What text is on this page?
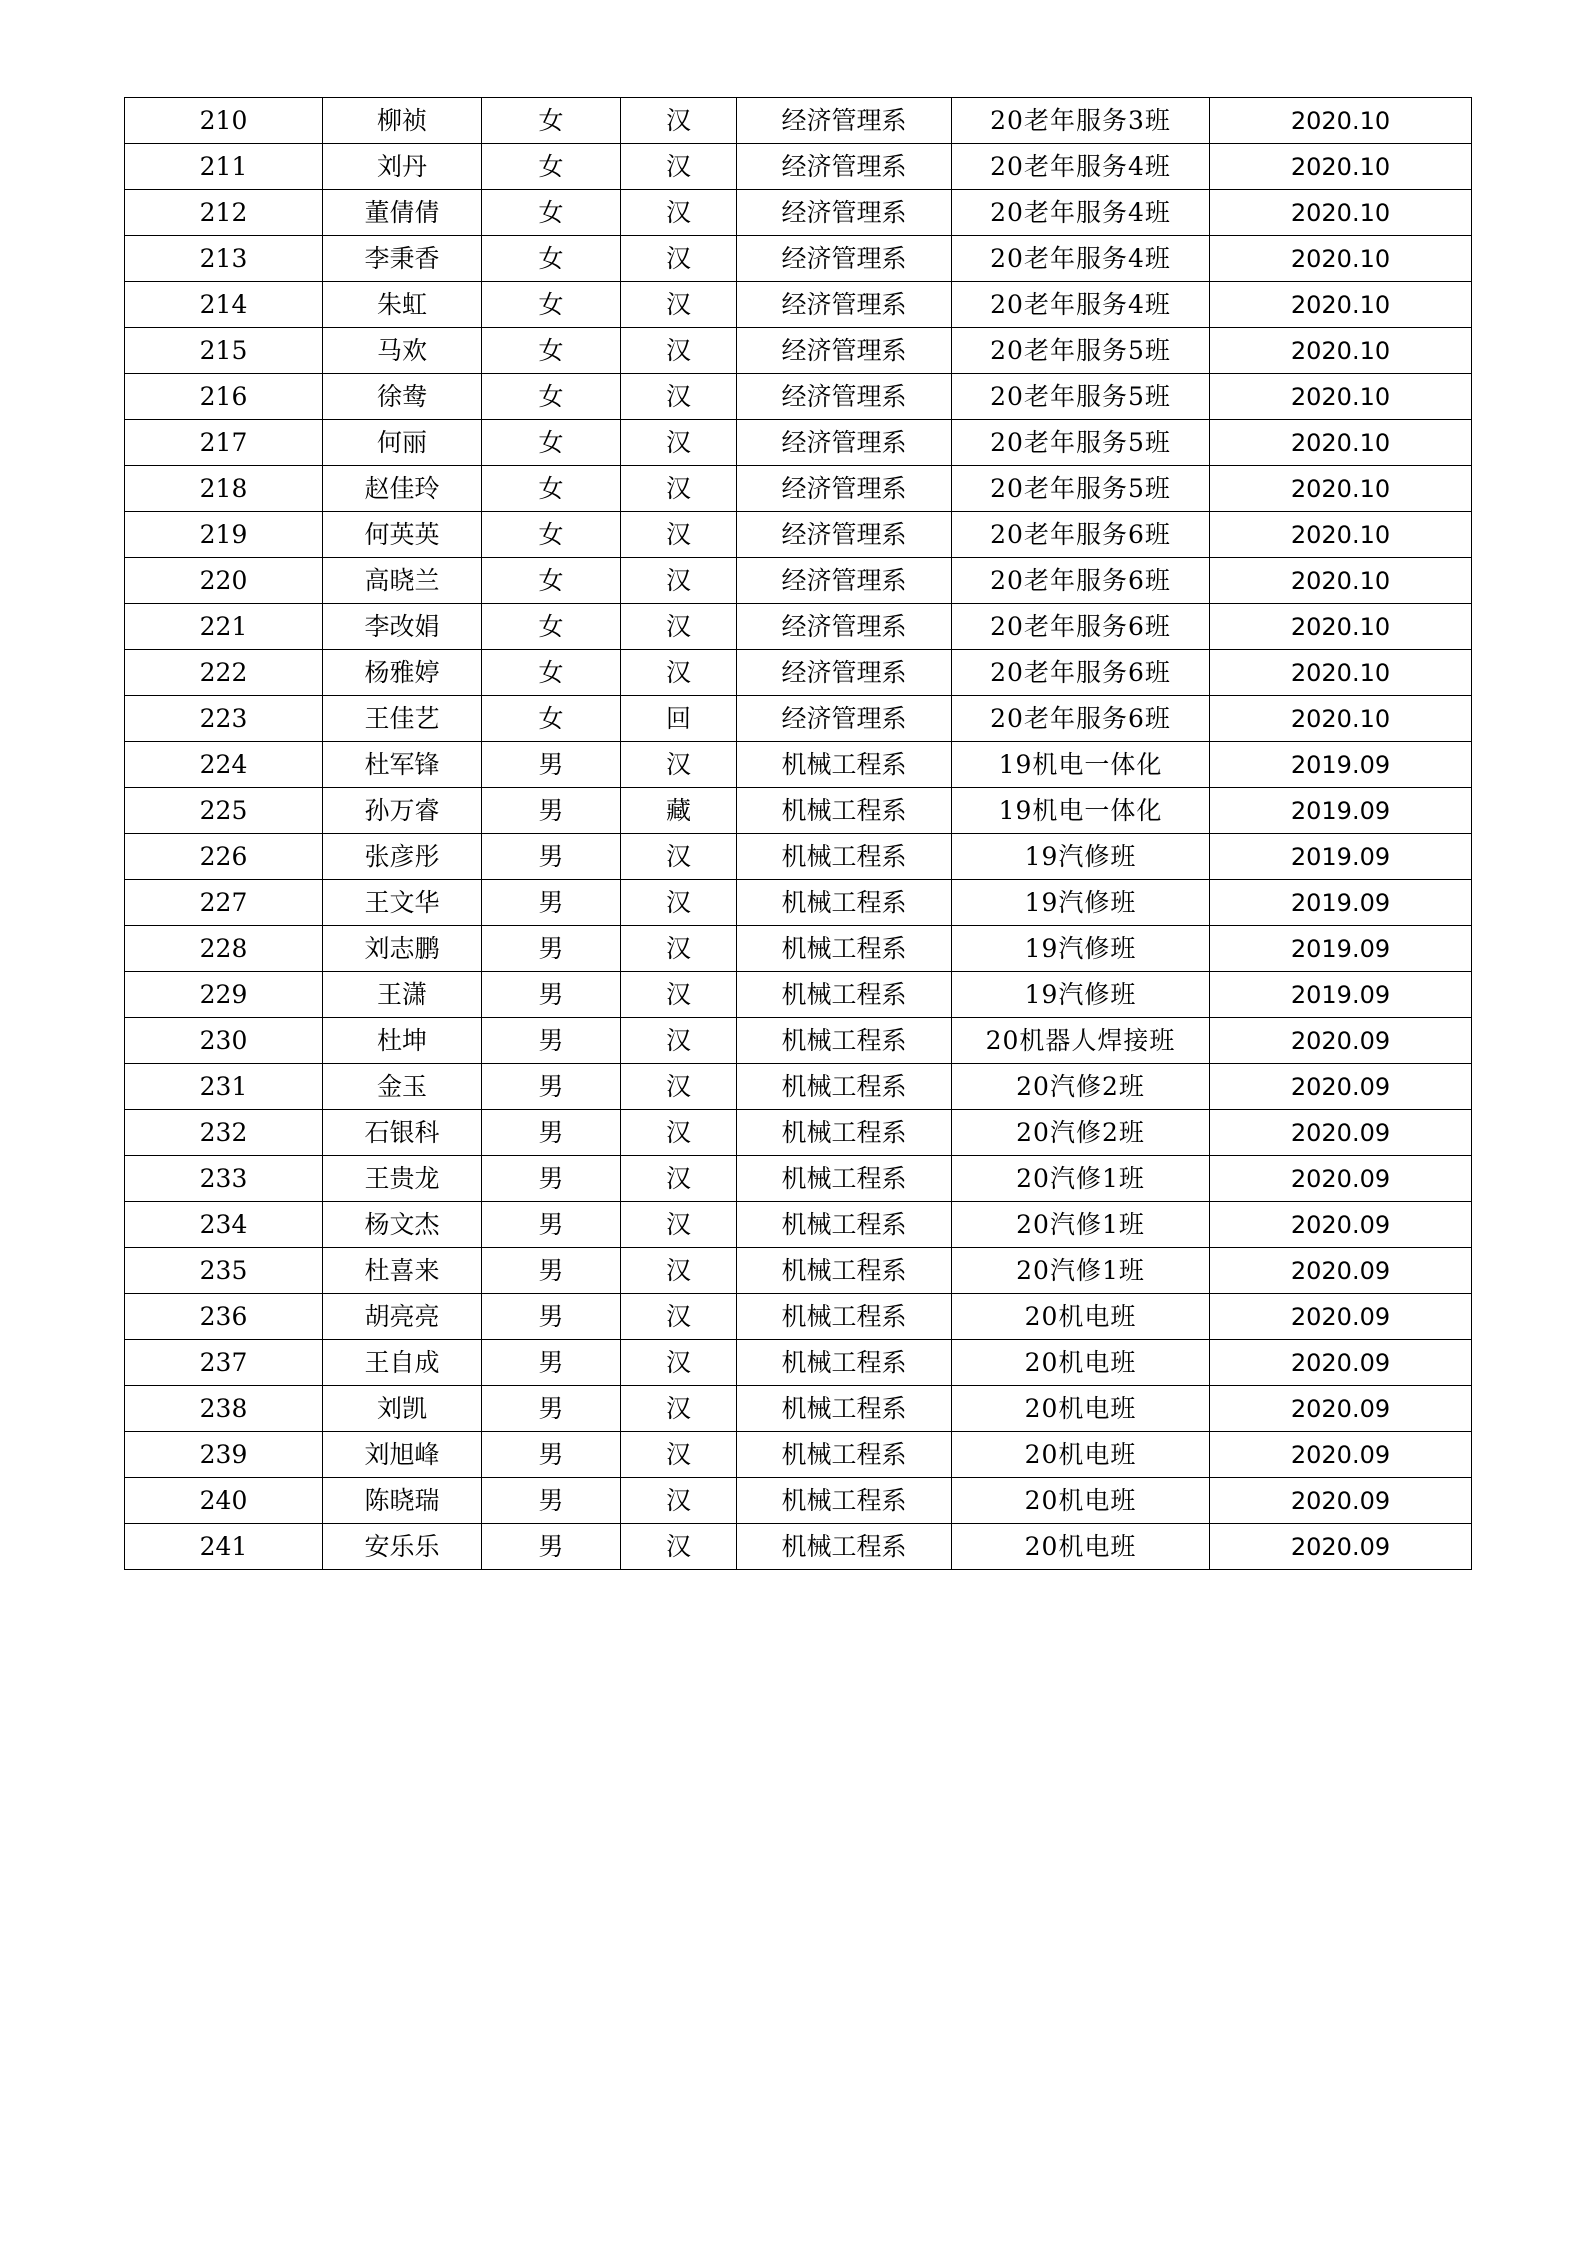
210	柳祯	女	汉	经济管理系	20老年服务3班	2020.10
211	刘丹	女	汉	经济管理系	20老年服务4班	2020.10
212	董倩倩	女	汉	经济管理系	20老年服务4班	2020.10
213	李秉香	女	汉	经济管理系	20老年服务4班	2020.10
214	朱虹	女	汉	经济管理系	20老年服务4班	2020.10
215	马欢	女	汉	经济管理系	20老年服务5班	2020.10
216	徐鸯	女	汉	经济管理系	20老年服务5班	2020.10
217	何丽	女	汉	经济管理系	20老年服务5班	2020.10
218	赵佳玲	女	汉	经济管理系	20老年服务5班	2020.10
219	何英英	女	汉	经济管理系	20老年服务6班	2020.10
220	高晓兰	女	汉	经济管理系	20老年服务6班	2020.10
221	李改娟	女	汉	经济管理系	20老年服务6班	2020.10
222	杨雅婷	女	汉	经济管理系	20老年服务6班	2020.10
223	王佳艺	女	回	经济管理系	20老年服务6班	2020.10
224	杜军锋	男	汉	机械工程系	19机电一体化	2019.09
225	孙万睿	男	藏	机械工程系	19机电一体化	2019.09
226	张彦彤	男	汉	机械工程系	19汽修班	2019.09
227	王文华	男	汉	机械工程系	19汽修班	2019.09
228	刘志鹏	男	汉	机械工程系	19汽修班	2019.09
229	王潇	男	汉	机械工程系	19汽修班	2019.09
230	杜坤	男	汉	机械工程系	20机器人焊接班	2020.09
231	金玉	男	汉	机械工程系	20汽修2班	2020.09
232	石银科	男	汉	机械工程系	20汽修2班	2020.09
233	王贵龙	男	汉	机械工程系	20汽修1班	2020.09
234	杨文杰	男	汉	机械工程系	20汽修1班	2020.09
235	杜喜来	男	汉	机械工程系	20汽修1班	2020.09
236	胡亮亮	男	汉	机械工程系	20机电班	2020.09
237	王自成	男	汉	机械工程系	20机电班	2020.09
238	刘凯	男	汉	机械工程系	20机电班	2020.09
239	刘旭峰	男	汉	机械工程系	20机电班	2020.09
240	陈晓瑞	男	汉	机械工程系	20机电班	2020.09
241	安乐乐	男	汉	机械工程系	20机电班	2020.09
